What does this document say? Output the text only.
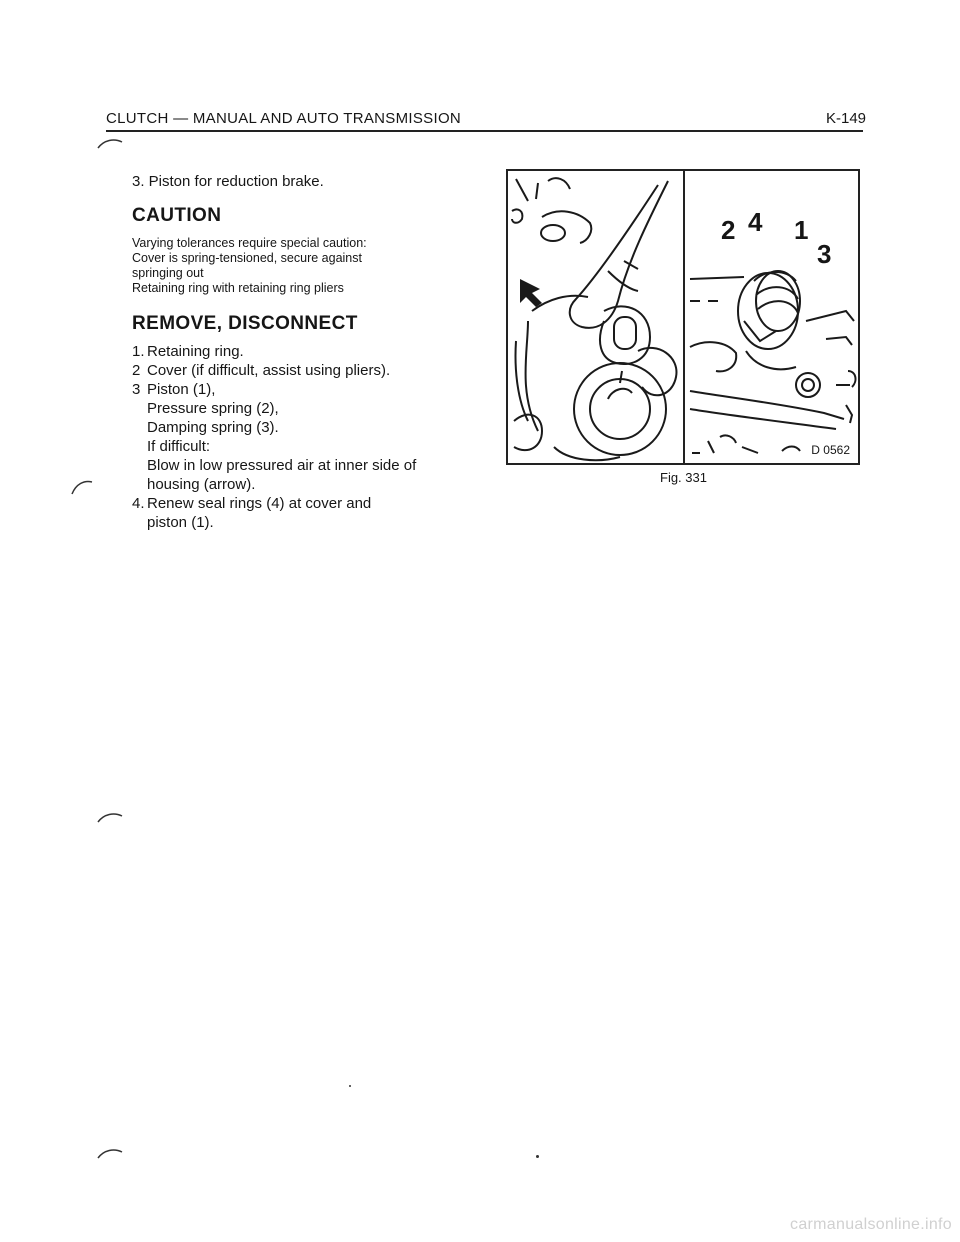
CLUTCH — MANUAL AND AUTO TRANSMISSION	K-149
3. Piston for reduction brake.
CAUTION
Varying tolerances require special caution:
Cover is spring-tensioned, secure against
springing out
Retaining ring with retaining ring pliers
REMOVE, DISCONNECT
1. Retaining ring.
2 Cover (if difficult, assist using pliers).
3 Piston (1),
Pressure spring (2),
Damping spring (3).
If difficult:
Blow in low pressured air at inner side of
housing (arrow).
4. Renew seal rings (4) at cover and
piston (1).
2 4 1
3
D 0562
Fig. 331
carmanualsonline.info
